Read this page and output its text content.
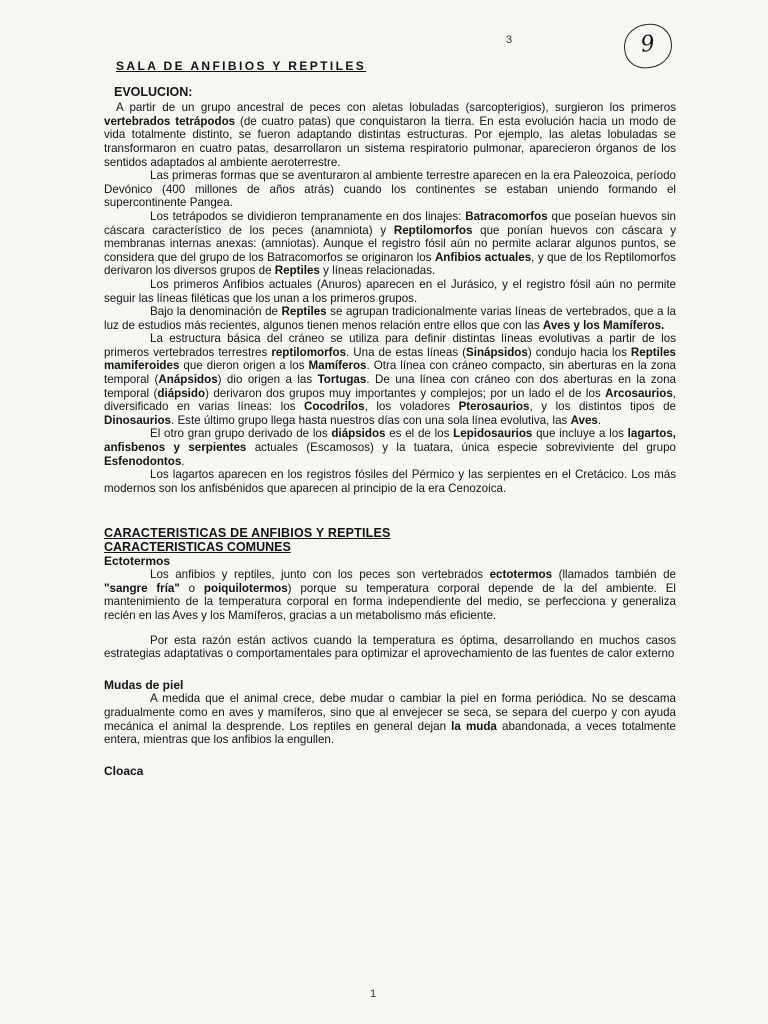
9
3
1
SALA DE ANFIBIOS Y REPTILES
EVOLUCION:

A partir de un grupo ancestral de peces con aletas lobuladas (sarcopterigios), surgieron los primeros vertebrados tetrápodos (de cuatro patas) que conquistaron la tierra. En esta evolución hacia un modo de vida totalmente distinto, se fueron adaptando distintas estructuras. Por ejemplo, las aletas lobuladas se transformaron en cuatro patas, desarrollaron un sistema respiratorio pulmonar, aparecieron órganos de los sentidos adaptados al ambiente aeroterrestre.

Las primeras formas que se aventuraron al ambiente terrestre aparecen en la era Paleozoica, período Devónico (400 millones de años atrás) cuando los continentes se estaban uniendo formando el supercontinente Pangea.

Los tetrápodos se dividieron tempranamente en dos linajes: Batracomorfos que poseían huevos sin cáscara característico de los peces (anamniota) y Reptilomorfos que ponían huevos con cáscara y membranas internas anexas: (amniotas). Aunque el registro fósil aún no permite aclarar algunos puntos, se considera que del grupo de los Batracomorfos se originaron los Anfibios actuales, y que de los Reptilomorfos derivaron los diversos grupos de Reptiles y líneas relacionadas.

Los primeros Anfibios actuales (Anuros) aparecen en el Jurásico, y el registro fósil aún no permite seguir las líneas filéticas que los unan a los primeros grupos.

Bajo la denominación de Reptiles se agrupan tradicionalmente varias líneas de vertebrados, que a la luz de estudios más recientes, algunos tienen menos relación entre ellos que con las Aves y los Mamíferos.

La estructura básica del cráneo se utiliza para definir distintas líneas evolutivas a partir de los primeros vertebrados terrestres reptilomorfos. Una de estas líneas (Sinápsidos) condujo hacia los Reptiles mamiferoides que dieron origen a los Mamíferos. Otra línea con cráneo compacto, sin aberturas en la zona temporal (Anápsidos) dio origen a las Tortugas. De una línea con cráneo con dos aberturas en la zona temporal (diápsido) derivaron dos grupos muy importantes y complejos; por un lado el de los Arcosaurios, diversificado en varias líneas: los Cocodrilos, los voladores Pterosaurios, y los distintos tipos de Dinosaurios. Este último grupo llega hasta nuestros días con una sola línea evolutiva, las Aves.

El otro gran grupo derivado de los diápsidos es el de los Lepidosaurios que incluye a los lagartos, anfisbenos y serpientes actuales (Escamosos) y la tuatara, única especie sobreviviente del grupo Esfenodontos.

Los lagartos aparecen en los registros fósiles del Pérmico y las serpientes en el Cretácico. Los más modernos son los anfisbénidos que aparecen al principio de la era Cenozoica.

CARACTERISTICAS DE ANFIBIOS Y REPTILES
CARACTERISTICAS COMUNES
Ectotermos

Los anfibios y reptiles, junto con los peces son vertebrados ectotermos (llamados también de "sangre fría" o poiquilotermos) porque su temperatura corporal depende de la del ambiente. El mantenimiento de la temperatura corporal en forma independiente del medio, se perfecciona y generaliza recién en las Aves y los Mamíferos, gracias a un metabolismo más eficiente.

Por esta razón están activos cuando la temperatura es óptima, desarrollando en muchos casos estrategias adaptativas o comportamentales para optimizar el aprovechamiento de las fuentes de calor externo

Mudas de piel

A medida que el animal crece, debe mudar o cambiar la piel en forma periódica. No se descama gradualmente como en aves y mamíferos, sino que al envejecer se seca, se separa del cuerpo y con ayuda mecánica el animal la desprende. Los reptiles en general dejan la muda abandonada, a veces totalmente entera, mientras que los anfibios la engullen.

Cloaca
